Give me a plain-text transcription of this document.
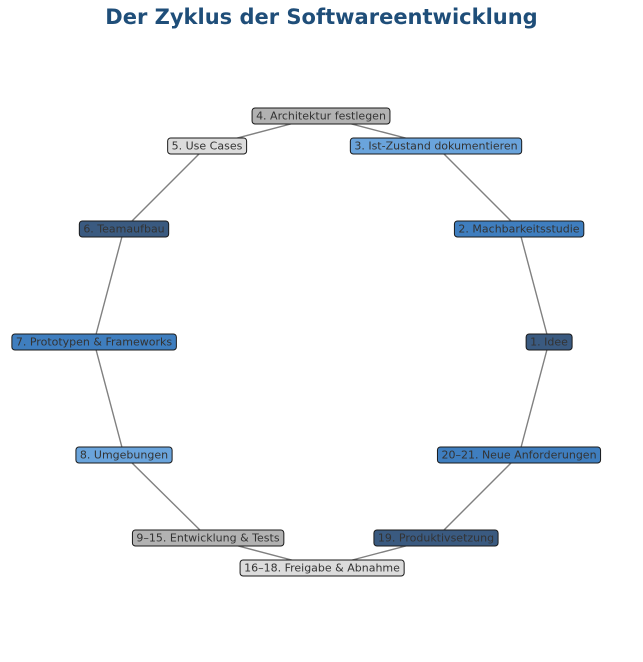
Der Zyklus der Softwareentwicklung
1. Idee
2. Machbarkeitsstudie
3. Ist-Zustand dokumentieren
4. Architektur festlegen
5. Use Cases
6. Teamaufbau
7. Prototypen & Frameworks
8. Umgebungen
9–15. Entwicklung & Tests
16–18. Freigabe & Abnahme
19. Produktivsetzung
20–21. Neue Anforderungen
